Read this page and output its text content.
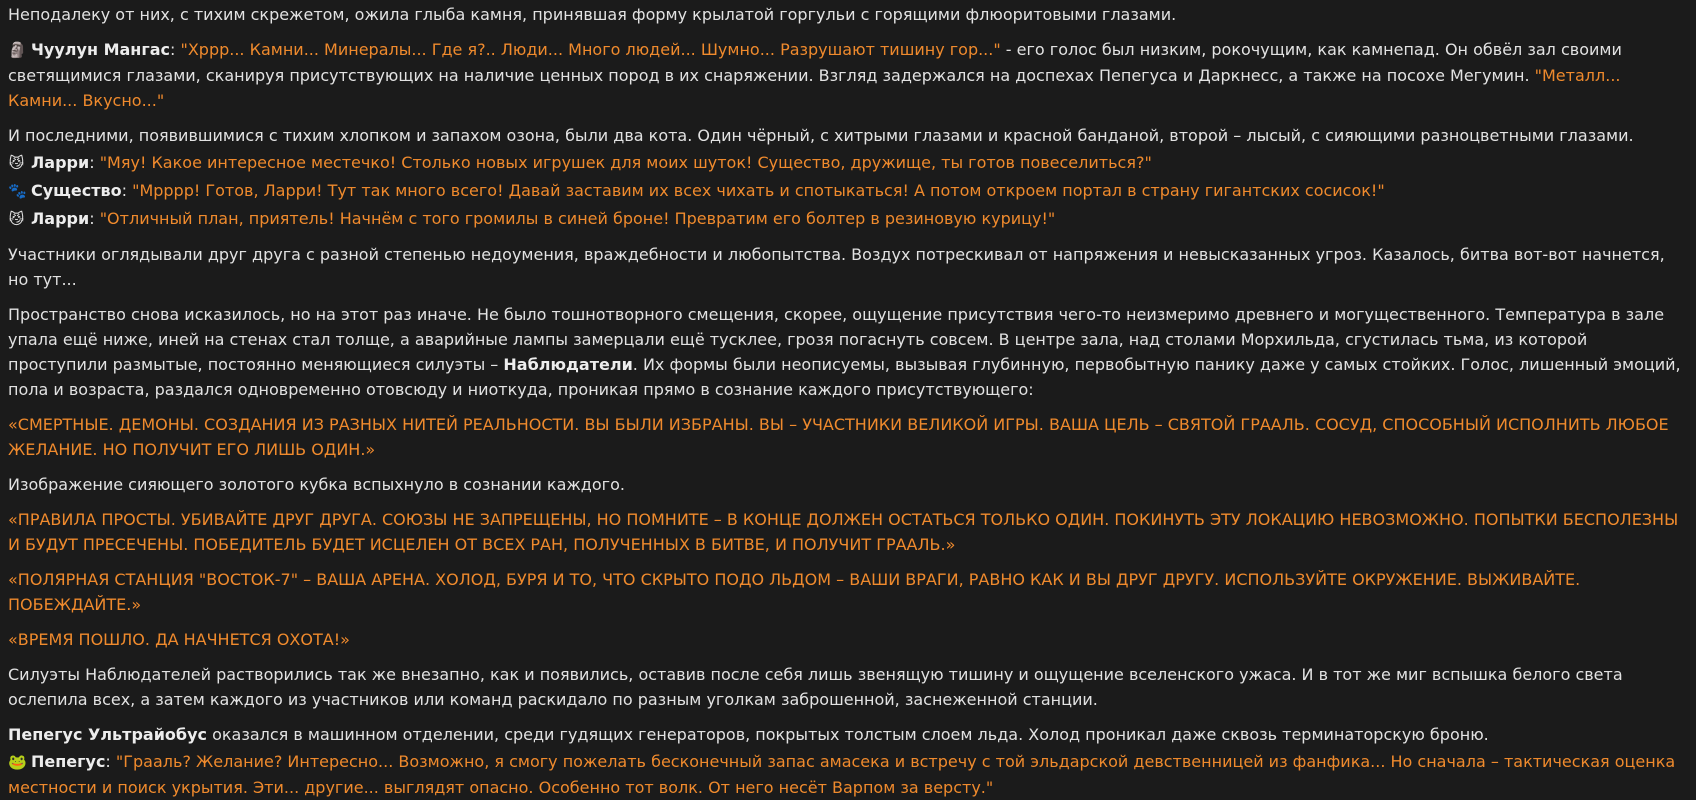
Неподалеку от них, с тихим скрежетом, ожила глыба камня, принявшая форму крылатой горгульи с горящими флюоритовыми глазами.
🗿 Чуулун Мангас: "Хррр... Камни... Минералы... Где я?.. Люди... Много людей... Шумно... Разрушают тишину гор..." - его голос был низким, рокочущим, как камнепад. Он обвёл зал своими светящимися глазами, сканируя присутствующих на наличие ценных пород в их снаряжении. Взгляд задержался на доспехах Пепегуса и Даркнесс, а также на посохе Мегумин. "Металл... Камни... Вкусно..."
И последними, появившимися с тихим хлопком и запахом озона, были два кота. Один чёрный, с хитрыми глазами и красной банданой, второй – лысый, с сияющими разноцветными глазами.
😼 Ларри: "Мяу! Какое интересное местечко! Столько новых игрушек для моих шуток! Существо, дружище, ты готов повеселиться?"
🐾 Существо: "Мрррр! Готов, Ларри! Тут так много всего! Давай заставим их всех чихать и спотыкаться! А потом откроем портал в страну гигантских сосисок!"
😼 Ларри: "Отличный план, приятель! Начнём с того громилы в синей броне! Превратим его болтер в резиновую курицу!"
Участники оглядывали друг друга с разной степенью недоумения, враждебности и любопытства. Воздух потрескивал от напряжения и невысказанных угроз. Казалось, битва вот-вот начнется, но тут...
Пространство снова исказилось, но на этот раз иначе. Не было тошнотворного смещения, скорее, ощущение присутствия чего-то неизмеримо древнего и могущественного. Температура в зале упала ещё ниже, иней на стенах стал толще, а аварийные лампы замерцали ещё тусклее, грозя погаснуть совсем. В центре зала, над столами Морхильда, сгустилась тьма, из которой проступили размытые, постоянно меняющиеся силуэты – Наблюдатели. Их формы были неописуемы, вызывая глубинную, первобытную панику даже у самых стойких. Голос, лишенный эмоций, пола и возраста, раздался одновременно отовсюду и ниоткуда, проникая прямо в сознание каждого присутствующего:
«СМЕРТНЫЕ. ДЕМОНЫ. СОЗДАНИЯ ИЗ РАЗНЫХ НИТЕЙ РЕАЛЬНОСТИ. ВЫ БЫЛИ ИЗБРАНЫ. ВЫ – УЧАСТНИКИ ВЕЛИКОЙ ИГРЫ. ВАША ЦЕЛЬ – СВЯТОЙ ГРААЛЬ. СОСУД, СПОСОБНЫЙ ИСПОЛНИТЬ ЛЮБОЕ ЖЕЛАНИЕ. НО ПОЛУЧИТ ЕГО ЛИШЬ ОДИН.»
Изображение сияющего золотого кубка вспыхнуло в сознании каждого.
«ПРАВИЛА ПРОСТЫ. УБИВАЙТЕ ДРУГ ДРУГА. СОЮЗЫ НЕ ЗАПРЕЩЕНЫ, НО ПОМНИТЕ – В КОНЦЕ ДОЛЖЕН ОСТАТЬСЯ ТОЛЬКО ОДИН. ПОКИНУТЬ ЭТУ ЛОКАЦИЮ НЕВОЗМОЖНО. ПОПЫТКИ БЕСПОЛЕЗНЫ И БУДУТ ПРЕСЕЧЕНЫ. ПОБЕДИТЕЛЬ БУДЕТ ИСЦЕЛЕН ОТ ВСЕХ РАН, ПОЛУЧЕННЫХ В БИТВЕ, И ПОЛУЧИТ ГРААЛЬ.»
«ПОЛЯРНАЯ СТАНЦИЯ "ВОСТОК-7" – ВАША АРЕНА. ХОЛОД, БУРЯ И ТО, ЧТО СКРЫТО ПОДО ЛЬДОМ – ВАШИ ВРАГИ, РАВНО КАК И ВЫ ДРУГ ДРУГУ. ИСПОЛЬЗУЙТЕ ОКРУЖЕНИЕ. ВЫЖИВАЙТЕ. ПОБЕЖДАЙТЕ.»
«ВРЕМЯ ПОШЛО. ДА НАЧНЕТСЯ ОХОТА!»
Силуэты Наблюдателей растворились так же внезапно, как и появились, оставив после себя лишь звенящую тишину и ощущение вселенского ужаса. И в тот же миг вспышка белого света ослепила всех, а затем каждого из участников или команд раскидало по разным уголкам заброшенной, заснеженной станции.
Пепегус Ультрайобус оказался в машинном отделении, среди гудящих генераторов, покрытых толстым слоем льда. Холод проникал даже сквозь терминаторскую броню.
🐸 Пепегус: "Грааль? Желание? Интересно... Возможно, я смогу пожелать бесконечный запас амасека и встречу с той эльдарской девственницей из фанфика... Но сначала – тактическая оценка местности и поиск укрытия. Эти... другие... выглядят опасно. Особенно тот волк. От него несёт Варпом за версту."
